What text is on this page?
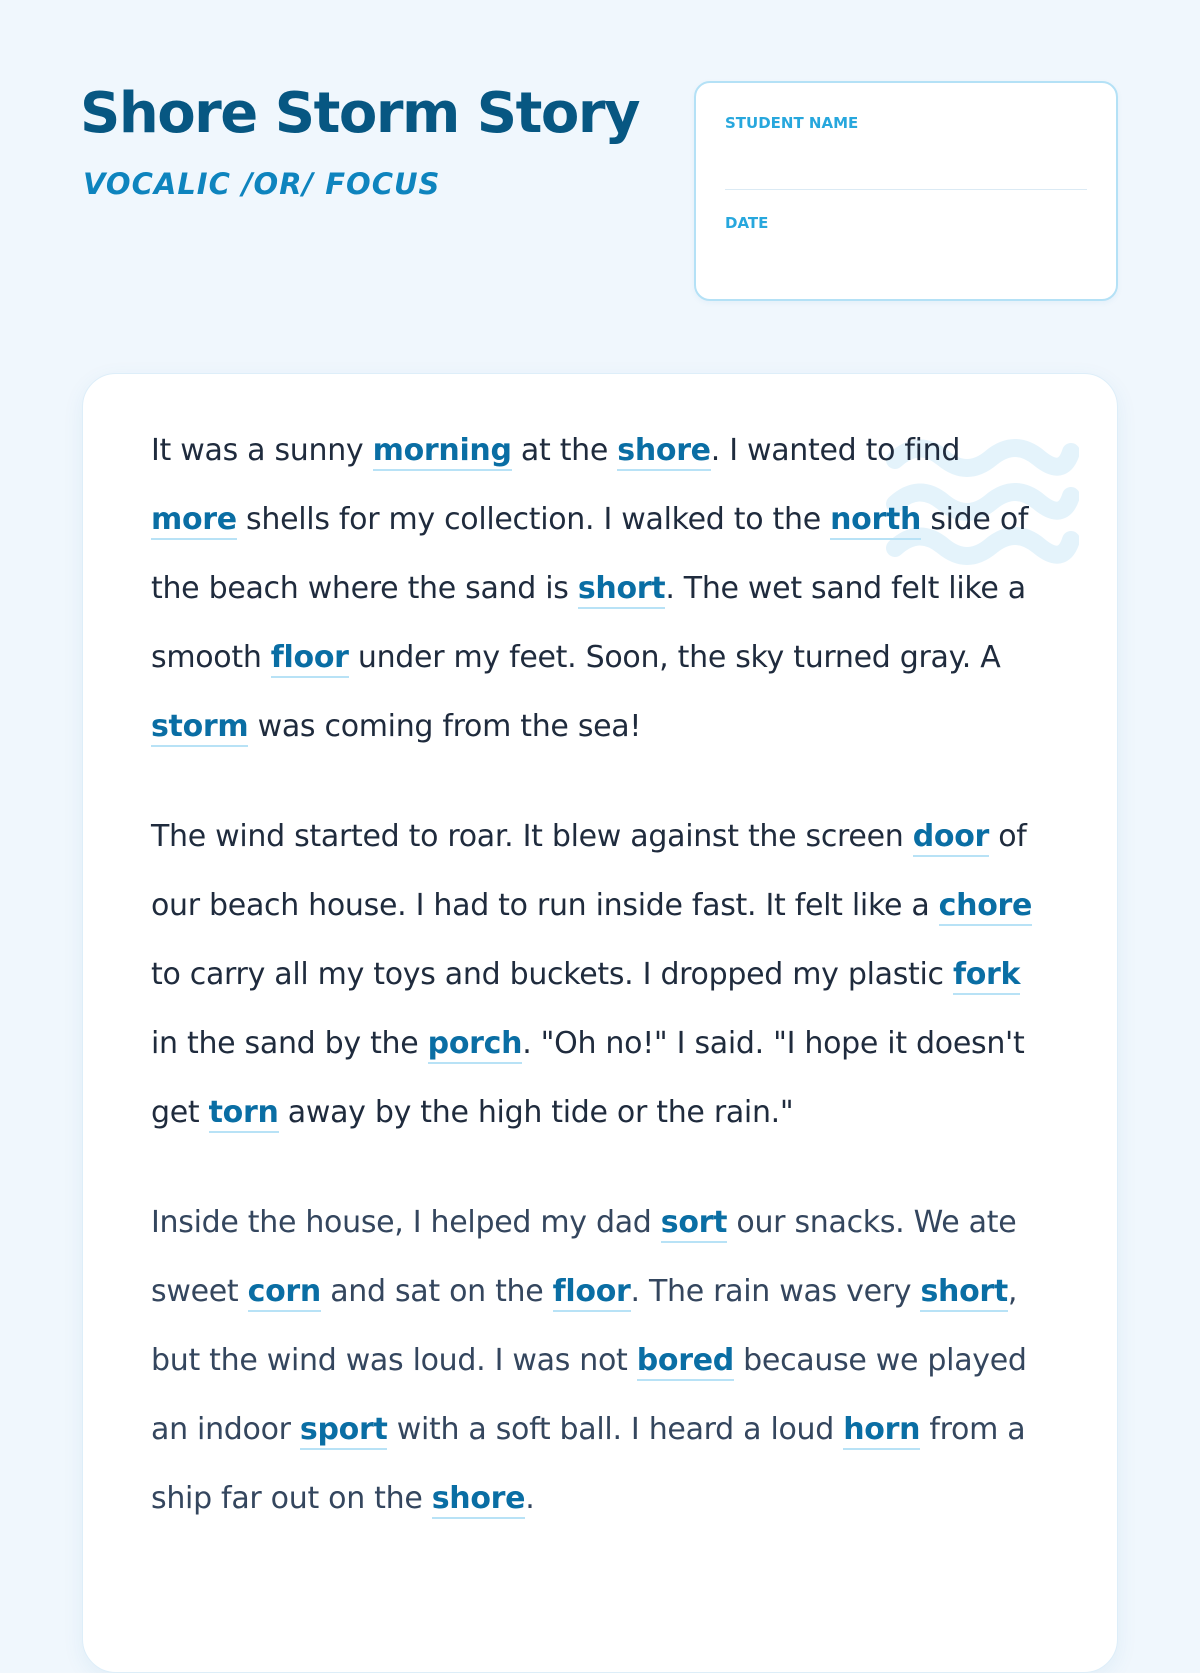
Shore Storm Story
VOCALIC /OR/ FOCUS
STUDENT NAME
DATE

It was a sunny morning at the shore. I wanted to find more shells for my collection. I walked to the north side of the beach where the sand is short. The wet sand felt like a smooth floor under my feet. Soon, the sky turned gray. A storm was coming from the sea!

The wind started to roar. It blew against the screen door of our beach house. I had to run inside fast. It felt like a chore to carry all my toys and buckets. I dropped my plastic fork in the sand by the porch. "Oh no!" I said. "I hope it doesn't get torn away by the high tide or the rain."

Inside the house, I helped my dad sort our snacks. We ate sweet corn and sat on the floor. The rain was very short, but the wind was loud. I was not bored because we played an indoor sport with a soft ball. I heard a loud horn from a ship far out on the shore.
